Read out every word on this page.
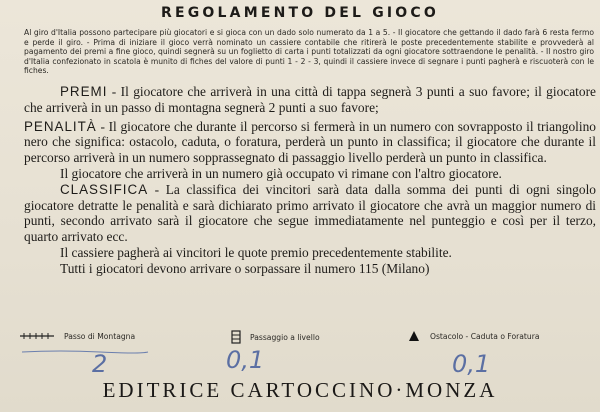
REGOLAMENTO DEL GIOCO
Al giro d'Italia possono partecipare più giocatori e si gioca con un dado solo numerato da 1 a 5. - Il giocatore che gettando il dado farà 6 resta fermo e perde il giro. - Prima di iniziare il gioco verrà nominato un cassiere contabile che ritirerà le poste precedentemente stabilite e provvederà al pagamento dei premi a fine gioco, quindi segnerà su un foglietto di carta i punti totalizzati da ogni giocatore sottraendone le penalità. - Il nostro giro d'Italia confezionato in scatola è munito di fiches del valore di punti 1 - 2 - 3, quindi il cassiere invece di segnare i punti pagherà e riscuoterà con le fiches.

PREMI - Il giocatore che arriverà in una città di tappa segnerà 3 punti a suo favore; il giocatore che arriverà in un passo di montagna segnerà 2 punti a suo favore;

PENALITÀ - Il giocatore che durante il percorso si fermerà in un numero con sovrapposto il triangolino nero che significa: ostacolo, caduta, o foratura, perderà un punto in classifica; il giocatore che durante il percorso arriverà in un numero sopprassegnato di passaggio livello perderà un punto in classifica.

Il giocatore che arriverà in un numero già occupato vi rimane con l'altro giocatore.

CLASSIFICA - La classifica dei vincitori sarà data dalla somma dei punti di ogni singolo giocatore detratte le penalità e sarà dichiarato primo arrivato il giocatore che avrà un maggior numero di punti, secondo arrivato sarà il giocatore che segue immediatamente nel punteggio e così per il terzo, quarto arrivato ecc.

Il cassiere pagherà ai vincitori le quote premio precedentemente stabilite.

Tutti i giocatori devono arrivare o sorpassare il numero 115 (Milano)

Passo di Montagna	Passaggio a livello	Ostacolo - Caduta o Foratura
2	0,1	0,1
EDITRICE CARTOCCINO·MONZA
